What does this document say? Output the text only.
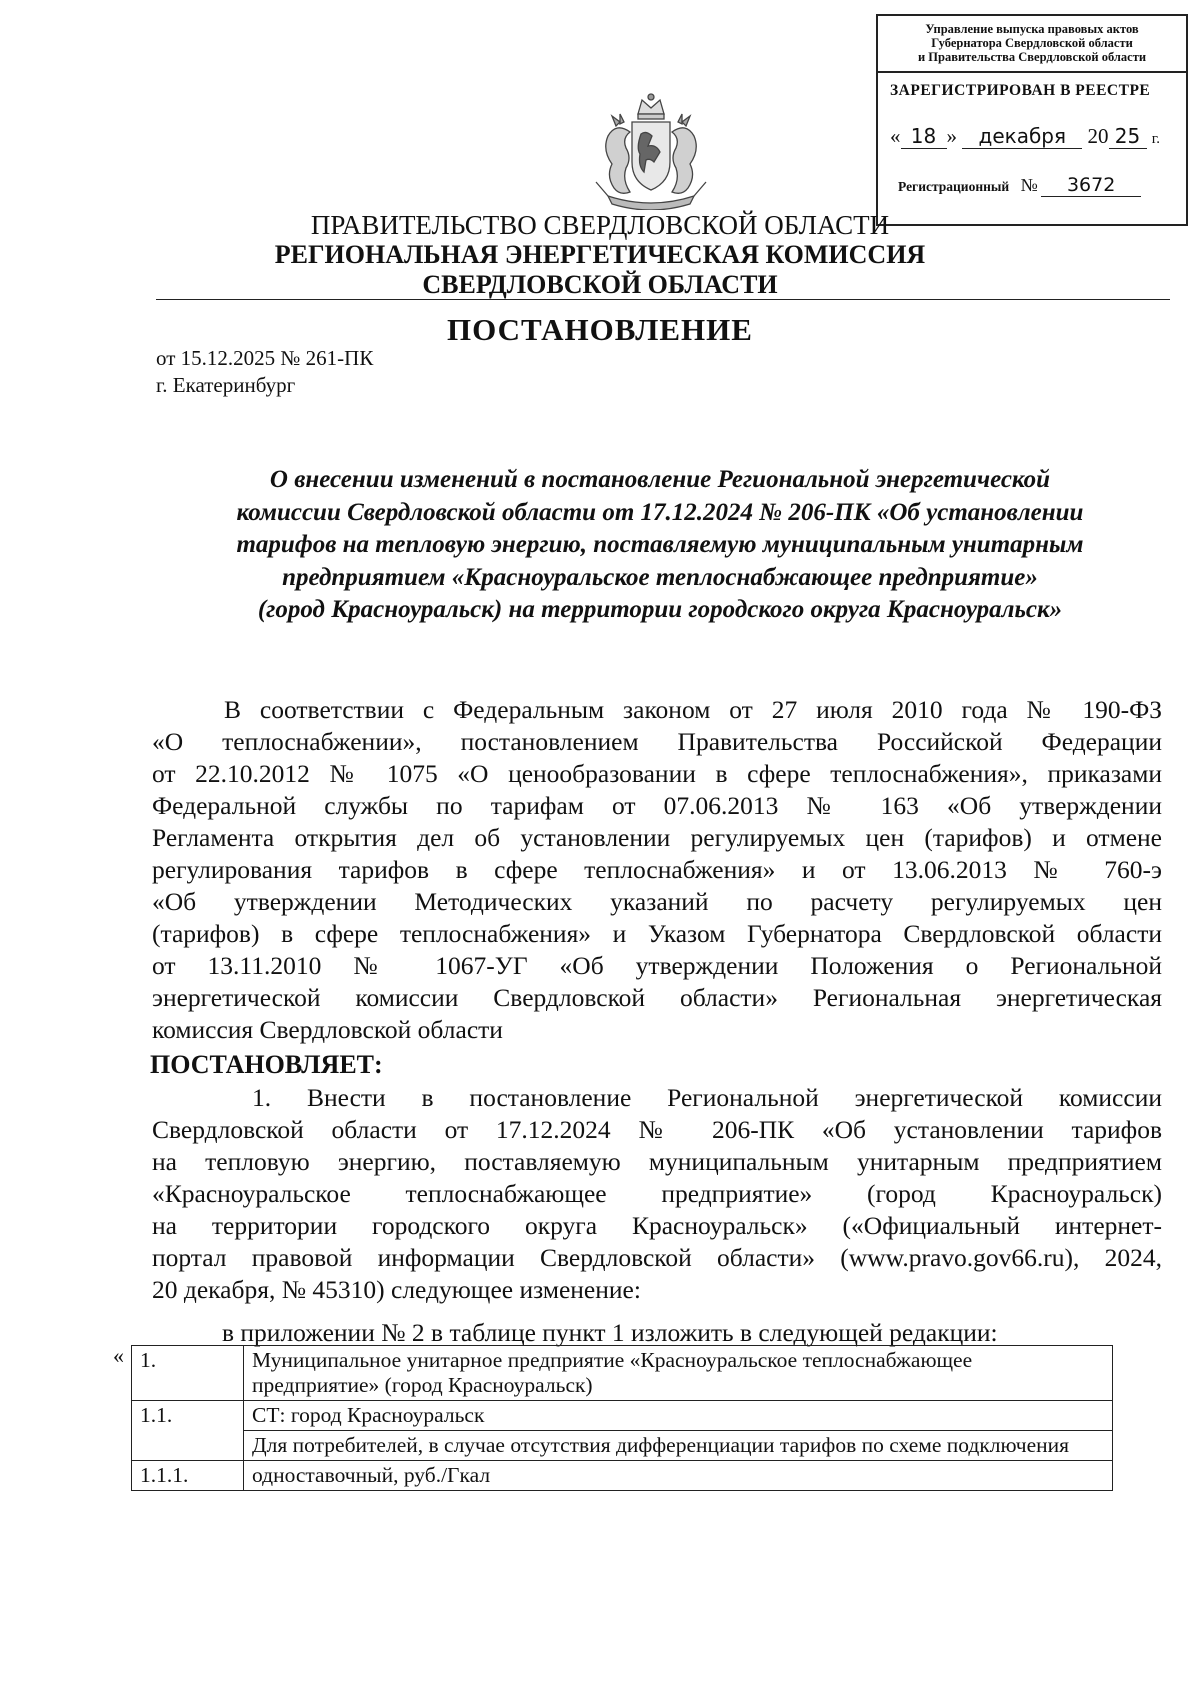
Управление выпуска правовых актов
Губернатора Свердловской области
и Правительства Свердловской области
ЗАРЕГИСТРИРОВАН В РЕЕСТРЕ
« 18 » декабря 20 25 г.
Регистрационный № 3672
ПРАВИТЕЛЬСТВО СВЕРДЛОВСКОЙ ОБЛАСТИ
РЕГИОНАЛЬНАЯ ЭНЕРГЕТИЧЕСКАЯ КОМИССИЯ
СВЕРДЛОВСКОЙ ОБЛАСТИ
ПОСТАНОВЛЕНИЕ
от 15.12.2025 № 261-ПК
г. Екатеринбург
О внесении изменений в постановление Региональной энергетической
комиссии Свердловской области от 17.12.2024 № 206-ПК «Об установлении
тарифов на тепловую энергию, поставляемую муниципальным унитарным
предприятием «Красноуральское теплоснабжающее предприятие»
(город Красноуральск) на территории городского округа Красноуральск»
В соответствии с Федеральным законом от 27 июля 2010 года № 190-ФЗ
«О теплоснабжении», постановлением Правительства Российской Федерации
от 22.10.2012 № 1075 «О ценообразовании в сфере теплоснабжения», приказами
Федеральной службы по тарифам от 07.06.2013 № 163 «Об утверждении
Регламента открытия дел об установлении регулируемых цен (тарифов) и отмене
регулирования тарифов в сфере теплоснабжения» и от 13.06.2013 № 760-э
«Об утверждении Методических указаний по расчету регулируемых цен
(тарифов) в сфере теплоснабжения» и Указом Губернатора Свердловской области
от 13.11.2010 № 1067-УГ «Об утверждении Положения о Региональной
энергетической комиссии Свердловской области» Региональная энергетическая
комиссия Свердловской области
ПОСТАНОВЛЯЕТ:
1. Внести в постановление Региональной энергетической комиссии
Свердловской области от 17.12.2024 № 206-ПК «Об установлении тарифов
на тепловую энергию, поставляемую муниципальным унитарным предприятием
«Красноуральское теплоснабжающее предприятие» (город Красноуральск)
на территории городского округа Красноуральск» («Официальный интернет-
портал правовой информации Свердловской области» (www.pravo.gov66.ru), 2024,
20 декабря, № 45310) следующее изменение:
в приложении № 2 в таблице пункт 1 изложить в следующей редакции:
« 1.	Муниципальное унитарное предприятие «Красноуральское теплоснабжающее предприятие» (город Красноуральск)
1.1.	СТ: город Красноуральск
	Для потребителей, в случае отсутствия дифференциации тарифов по схеме подключения
1.1.1.	одноставочный, руб./Гкал
